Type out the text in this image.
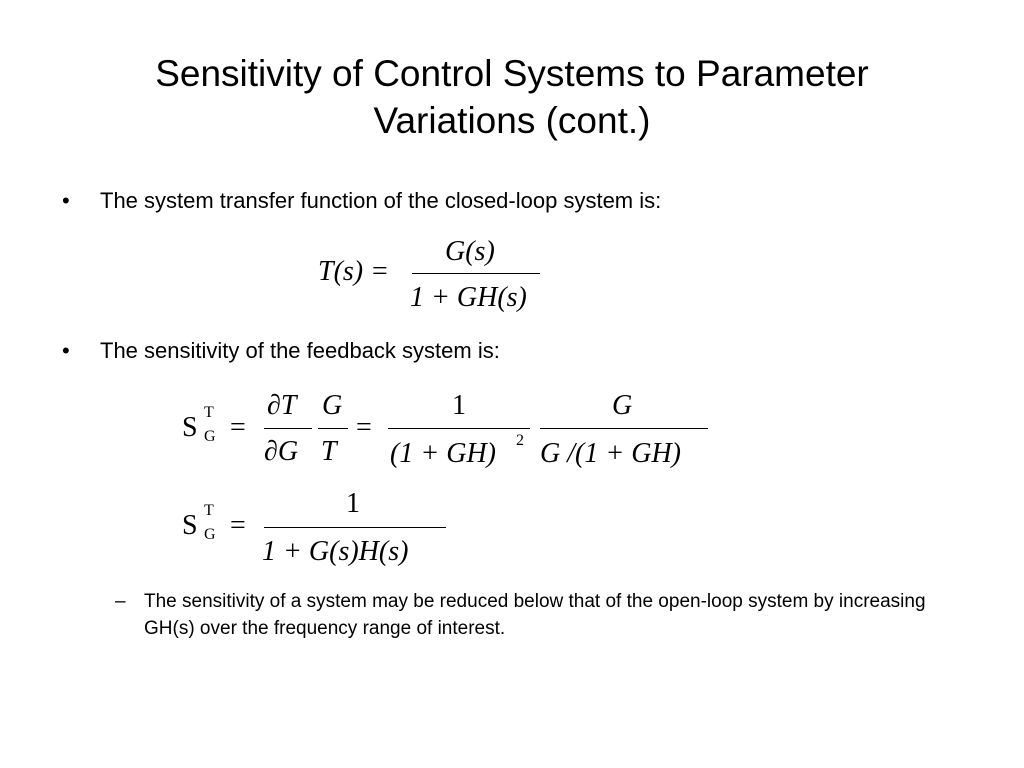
Sensitivity of Control Systems to Parameter
Variations (cont.)
• The system transfer function of the closed-loop system is:
T(s) =
G(s)
1 + GH(s)
• The sensitivity of the feedback system is:
S T
G =
∂T
∂G
G
T
=
1
(1 + GH) 2
G
G /(1 + GH)
S T
G =
1
1 + G(s)H(s)
– The sensitivity of a system may be reduced below that of the open-loop system by increasing GH(s) over the frequency range of interest.
